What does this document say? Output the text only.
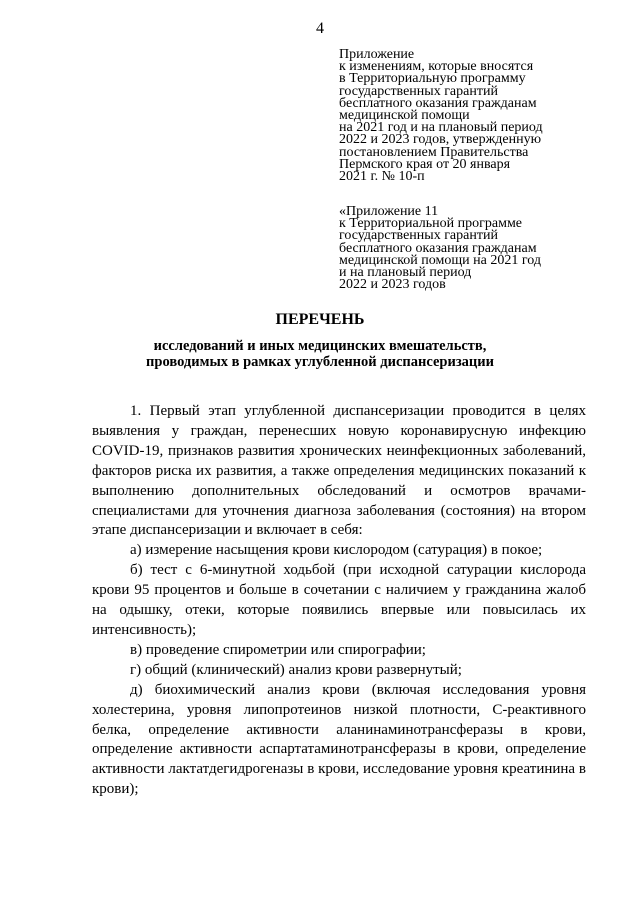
4
Приложение
к изменениям, которые вносятся
в Территориальную программу
государственных гарантий
бесплатного оказания гражданам
медицинской помощи
на 2021 год и на плановый период
2022 и 2023 годов, утвержденную
постановлением Правительства
Пермского края от 20 января
2021 г. № 10-п
«Приложение 11
к Территориальной программе
государственных гарантий
бесплатного оказания гражданам
медицинской помощи на 2021 год
и на плановый период
2022 и 2023 годов
ПЕРЕЧЕНЬ
исследований и иных медицинских вмешательств,
проводимых в рамках углубленной диспансеризации

1. Первый этап углубленной диспансеризации проводится в целях выявления у граждан, перенесших новую коронавирусную инфекцию COVID-19, признаков развития хронических неинфекционных заболеваний, факторов риска их развития, а также определения медицинских показаний к выполнению дополнительных обследований и осмотров врачами-специалистами для уточнения диагноза заболевания (состояния) на втором этапе диспансеризации и включает в себя:

а) измерение насыщения крови кислородом (сатурация) в покое;

б) тест с 6-минутной ходьбой (при исходной сатурации кислорода крови 95 процентов и больше в сочетании с наличием у гражданина жалоб на одышку, отеки, которые появились впервые или повысилась их интенсивность);

в) проведение спирометрии или спирографии;

г) общий (клинический) анализ крови развернутый;

д) биохимический анализ крови (включая исследования уровня холестерина, уровня липопротеинов низкой плотности, С-реактивного белка, определение активности аланинаминотрансферазы в крови, определение активности аспартатаминотрансферазы в крови, определение активности лактатдегидрогеназы в крови, исследование уровня креатинина в крови);
